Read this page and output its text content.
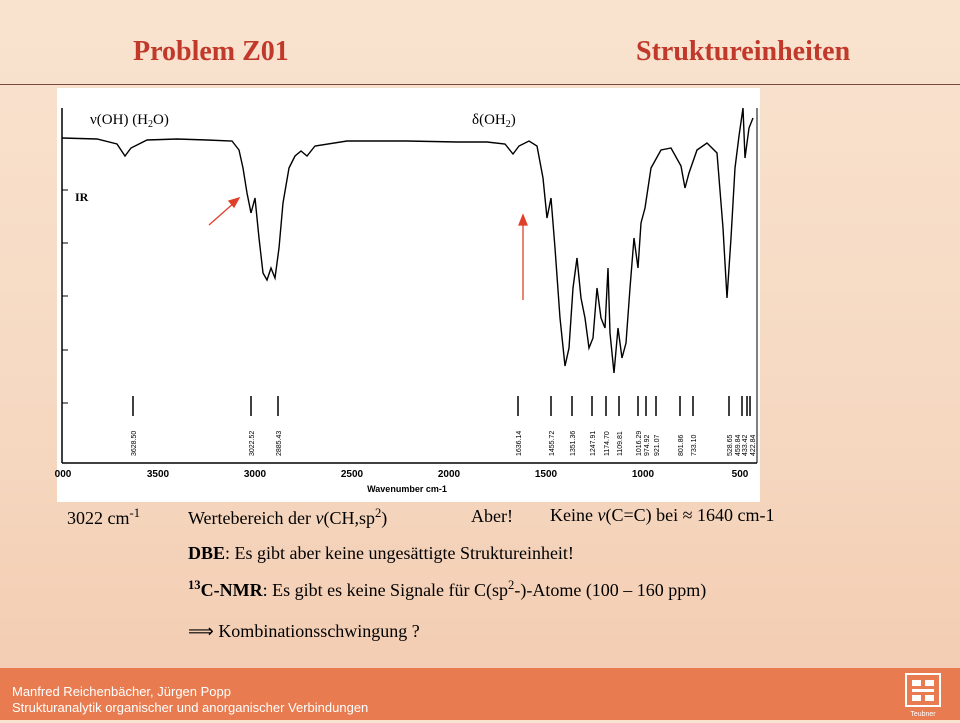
Problem Z01	Struktureinheiten
3628.50	3022.52	2885.43	1636.14	1455.72 1351.36 1247.91 1174.70 1109.81 1016.29 974.92 921.07 801.86 733.10	528.65 459.84 433.42 422.84
000	3500	3000	2500	2000	1500	1000	500
Wavenumber cm-1
ν(OH) $(H_2O)$	$\delta(OH_2)$
IR
3022 $cm^{-1}$	Wertebereich der $\nu(CH,sp^2)$	Aber! Keine ν(C=C) bei ≈ 1640 cm-1
DBE: Es gibt aber keine ungesättigte Struktureinheit!
$^{13}$C-NMR: Es gibt es keine Signale für $C(sp^2-)$-Atome (100 – 160 ppm)
⟹ Kombinationsschwingung ?
Manfred Reichenbächer, Jürgen Popp
Strukturanalytik organischer und anorganischer Verbindungen	Teubner
